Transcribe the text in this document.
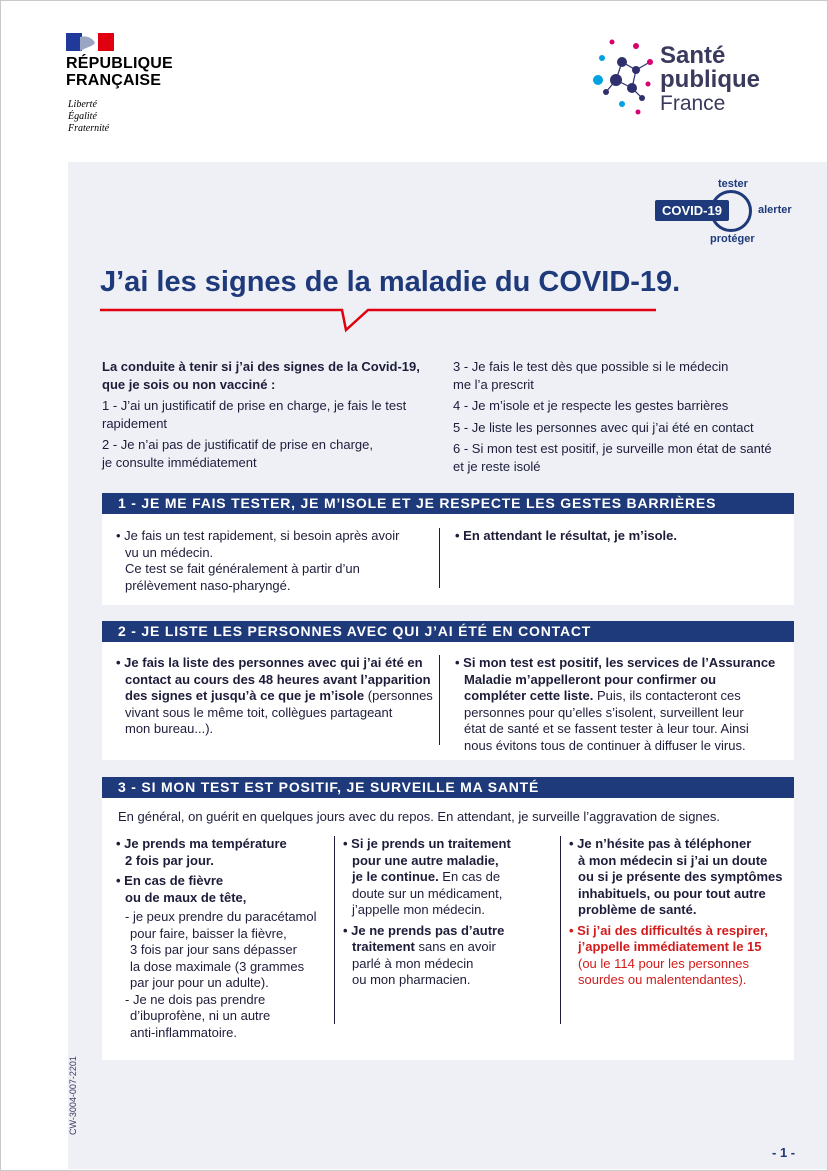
RÉPUBLIQUE
FRANÇAISE
Liberté
Égalité
Fraternité
Santé
publique
France
COVID-19
tester
alerter
protéger
J’ai les signes de la maladie du COVID-19.

La conduite à tenir si j’ai des signes de la Covid-19,
que je sois ou non vacciné :

1 - J’ai un justificatif de prise en charge, je fais le test
rapidement

2 - Je n’ai pas de justificatif de prise en charge,
je consulte immédiatement

3 - Je fais le test dès que possible si le médecin
me l’a prescrit

4 - Je m’isole et je respecte les gestes barrières

5 - Je liste les personnes avec qui j’ai été en contact

6 - Si mon test est positif, je surveille mon état de santé
et je reste isolé

1 - JE ME FAIS TESTER, JE M’ISOLE ET JE RESPECTE LES GESTES BARRIÈRES
• Je fais un test rapidement, si besoin après avoir
vu un médecin.
Ce test se fait généralement à partir d’un
prélèvement naso-pharyngé.
• En attendant le résultat, je m’isole.
2 - JE LISTE LES PERSONNES AVEC QUI J’AI ÉTÉ EN CONTACT
• Je fais la liste des personnes avec qui j’ai été en
contact au cours des 48 heures avant l’apparition
des signes et jusqu’à ce que je m’isole (personnes
vivant sous le même toit, collègues partageant
mon bureau...).
• Si mon test est positif, les services de l’Assurance
Maladie m’appelleront pour confirmer ou
compléter cette liste. Puis, ils contacteront ces
personnes pour qu’elles s’isolent, surveillent leur
état de santé et se fassent tester à leur tour. Ainsi
nous évitons tous de continuer à diffuser le virus.
3 - SI MON TEST EST POSITIF, JE SURVEILLE MA SANTÉ
En général, on guérit en quelques jours avec du repos. En attendant, je surveille l’aggravation de signes.
• Je prends ma température
2 fois par jour.
• En cas de fièvre
ou de maux de tête,
- je peux prendre du paracétamol
pour faire, baisser la fièvre,
3 fois par jour sans dépasser
la dose maximale (3 grammes
par jour pour un adulte).
- Je ne dois pas prendre
d’ibuprofène, ni un autre
anti-inflammatoire.
• Si je prends un traitement
pour une autre maladie,
je le continue. En cas de
doute sur un médicament,
j’appelle mon médecin.
• Je ne prends pas d’autre
traitement sans en avoir
parlé à mon médecin
ou mon pharmacien.
• Je n’hésite pas à téléphoner
à mon médecin si j’ai un doute
ou si je présente des symptômes
inhabituels, ou pour tout autre
problème de santé.
• Si j’ai des difficultés à respirer,
j’appelle immédiatement le 15
(ou le 114 pour les personnes
sourdes ou malentendantes).
CW-3004-007-2201
- 1 -
